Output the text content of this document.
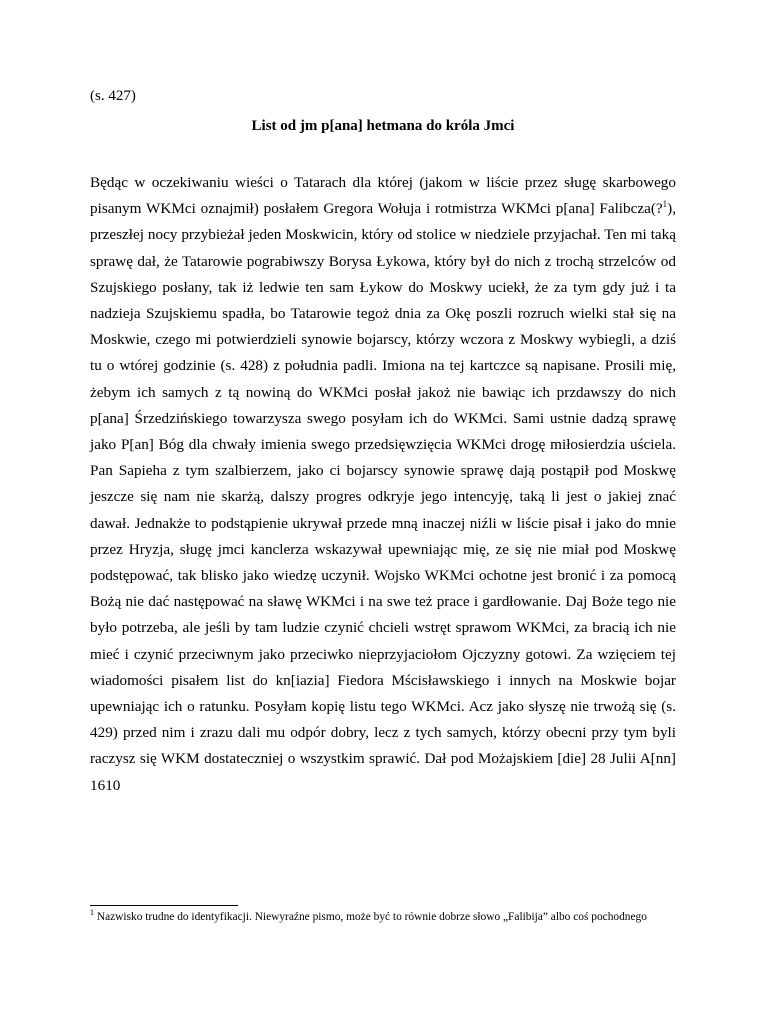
(s. 427)

List od jm p[ana] hetmana do króla Jmci

Będąc w oczekiwaniu wieści o Tatarach dla której (jakom w liście przez sługę skarbowego pisanym WKMci oznajmił) posłałem Gregora Wołuja i rotmistrza WKMci p[ana] Falibcza(?$^1$), przeszłej nocy przybieżał jeden Moskwicin, który od stolice w niedziele przyjachał. Ten mi taką sprawę dał, że Tatarowie pograbiwszy Borysa Łykowa, który był do nich z trochą strzelców od Szujskiego posłany, tak iż ledwie ten sam Łykow do Moskwy uciekł, że za tym gdy już i ta nadzieja Szujskiemu spadła, bo Tatarowie tegoż dnia za Okę poszli rozruch wielki stał się na Moskwie, czego mi potwierdzieli synowie bojarscy, którzy wczora z Moskwy wybiegli, a dziś tu o wtórej godzinie (s. 428) z południa padli. Imiona na tej kartczce są napisane. Prosili mię, żebym ich samych z tą nowiną do WKMci posłał jakoż nie bawiąc ich przdawszy do nich p[ana] Śrzedzińskiego towarzysza swego posyłam ich do WKMci. Sami ustnie dadzą sprawę jako P[an] Bóg dla chwały imienia swego przedsięwzięcia WKMci drogę miłosierdzia uściela. Pan Sapieha z tym szalbierzem, jako ci bojarscy synowie sprawę dają postąpił pod Moskwę jeszcze się nam nie skarżą, dalszy progres odkryje jego intencyję, taką li jest o jakiej znać dawał. Jednakże to podstąpienie ukrywał przede mną inaczej niźli w liście pisał i jako do mnie przez Hryzja, sługę jmci kanclerza wskazywał upewniając mię, ze się nie miał pod Moskwę podstępować, tak blisko jako wiedzę uczynił. Wojsko WKMci ochotne jest bronić i za pomocą Bożą nie dać następować na sławę WKMci i na swe też prace i gardłowanie. Daj Boże tego nie było potrzeba, ale jeśli by tam ludzie czynić chcieli wstręt sprawom WKMci, za bracią ich nie mieć i czynić przeciwnym jako przeciwko nieprzyjaciołom Ojczyzny gotowi. Za wzięciem tej wiadomości pisałem list do kn[iazia] Fiedora Mścisławskiego i innych na Moskwie bojar upewniając ich o ratunku. Posyłam kopię listu tego WKMci. Acz jako słyszę nie trwożą się (s. 429) przed nim i zrazu dali mu odpór dobry, lecz z tych samych, którzy obecni przy tym byli raczysz się WKM dostateczniej o wszystkim sprawić. Dał pod Możajskiem [die] 28 Julii A[nn] 1610

$^1$ Nazwisko trudne do identyfikacji. Niewyraźne pismo, może być to równie dobrze słowo „Falibija” albo coś pochodnego
